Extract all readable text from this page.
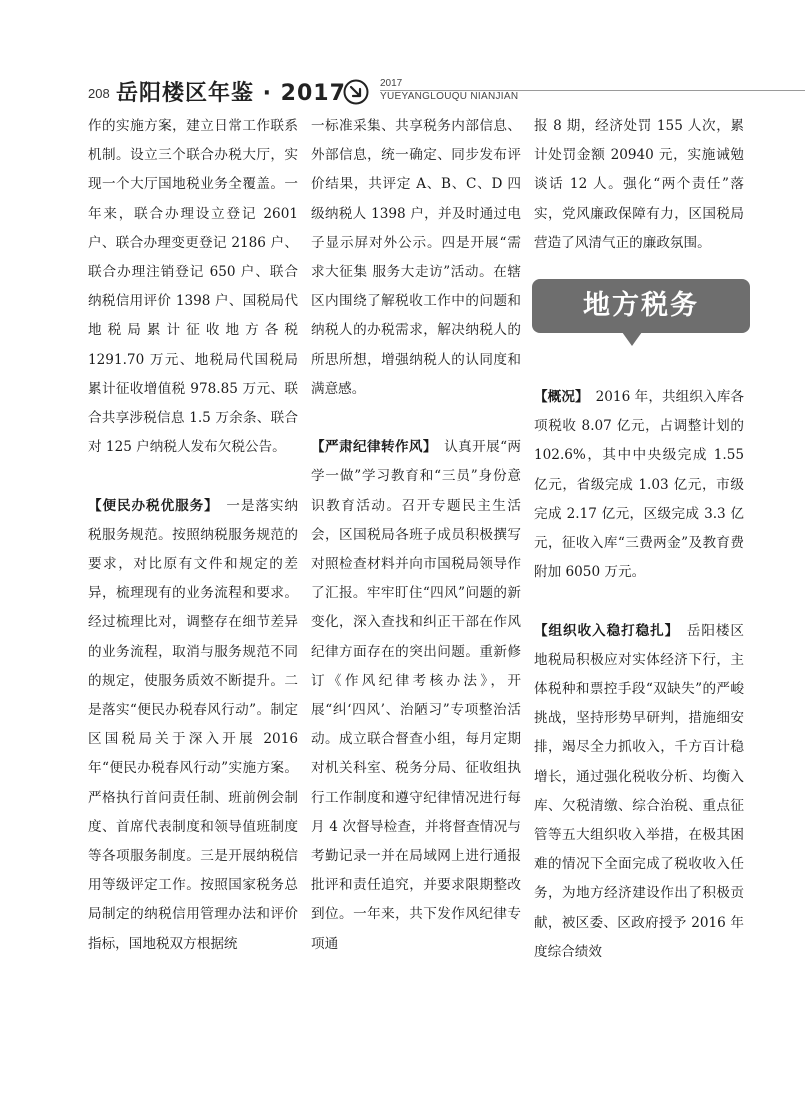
208 岳阳楼区年鉴 · 2017	2017
YUEYANGLOUQU NIANJIAN

作的实施方案，建立日常工作联系机制。设立三个联合办税大厅，实现一个大厅国地税业务全覆盖。一年来，联合办理设立登记 2601 户、联合办理变更登记 2186 户、联合办理注销登记 650 户、联合纳税信用评价 1398 户、国税局代地税局累计征收地方各税 1291.70 万元、地税局代国税局累计征收增值税 978.85 万元、联合共享涉税信息 1.5 万余条、联合对 125 户纳税人发布欠税公告。

【便民办税优服务】　 一是落实纳税服务规范。按照纳税服务规范的要求，对比原有文件和规定的差异，梳理现有的业务流程和要求。经过梳理比对，调整存在细节差异的业务流程，取消与服务规范不同的规定，使服务质效不断提升。二是落实“便民办税春风行动”。制定区国税局关于深入开展 2016 年“便民办税春风行动”实施方案。严格执行首问责任制、班前例会制度、首席代表制度和领导值班制度等各项服务制度。三是开展纳税信用等级评定工作。按照国家税务总局制定的纳税信用管理办法和评价指标，国地税双方根据统

一标准采集、共享税务内部信息、外部信息，统一确定、同步发布评价结果，共评定 A、B、C、D 四级纳税人 1398 户，并及时通过电子显示屏对外公示。四是开展“需求大征集 服务大走访”活动。在辖区内围绕了解税收工作中的问题和纳税人的办税需求，解决纳税人的所思所想，增强纳税人的认同度和满意感。

【严肃纪律转作风】　 认真开展“两学一做”学习教育和“三员”身份意识教育活动。召开专题民主生活会，区国税局各班子成员积极撰写对照检查材料并向市国税局领导作了汇报。牢牢盯住“四风”问题的新变化，深入查找和纠正干部在作风纪律方面存在的突出问题。重新修订《作风纪律考核办法》，开展“纠‘四风’、治陋习”专项整治活动。成立联合督查小组，每月定期对机关科室、税务分局、征收组执行工作制度和遵守纪律情况进行每月 4 次督导检查，并将督查情况与考勤记录一并在局域网上进行通报批评和责任追究，并要求限期整改到位。一年来，共下发作风纪律专项通

报 8 期，经济处罚 155 人次，累计处罚金额 20940 元，实施诫勉谈话 12 人。强化“两个责任”落实，党风廉政保障有力，区国税局营造了风清气正的廉政氛围。

地方税务

【概况】　 2016 年，共组织入库各项税收 8.07 亿元，占调整计划的 102.6%，其中中央级完成 1.55 亿元，省级完成 1.03 亿元，市级完成 2.17 亿元，区级完成 3.3 亿元，征收入库“三费两金”及教育费附加 6050 万元。

【组织收入稳打稳扎】　 岳阳楼区地税局积极应对实体经济下行，主体税种和票控手段“双缺失”的严峻挑战，坚持形势早研判，措施细安排，竭尽全力抓收入，千方百计稳增长，通过强化税收分析、均衡入库、欠税清缴、综合治税、重点征管等五大组织收入举措，在极其困难的情况下全面完成了税收收入任务，为地方经济建设作出了积极贡献，被区委、区政府授予 2016 年度综合绩效
